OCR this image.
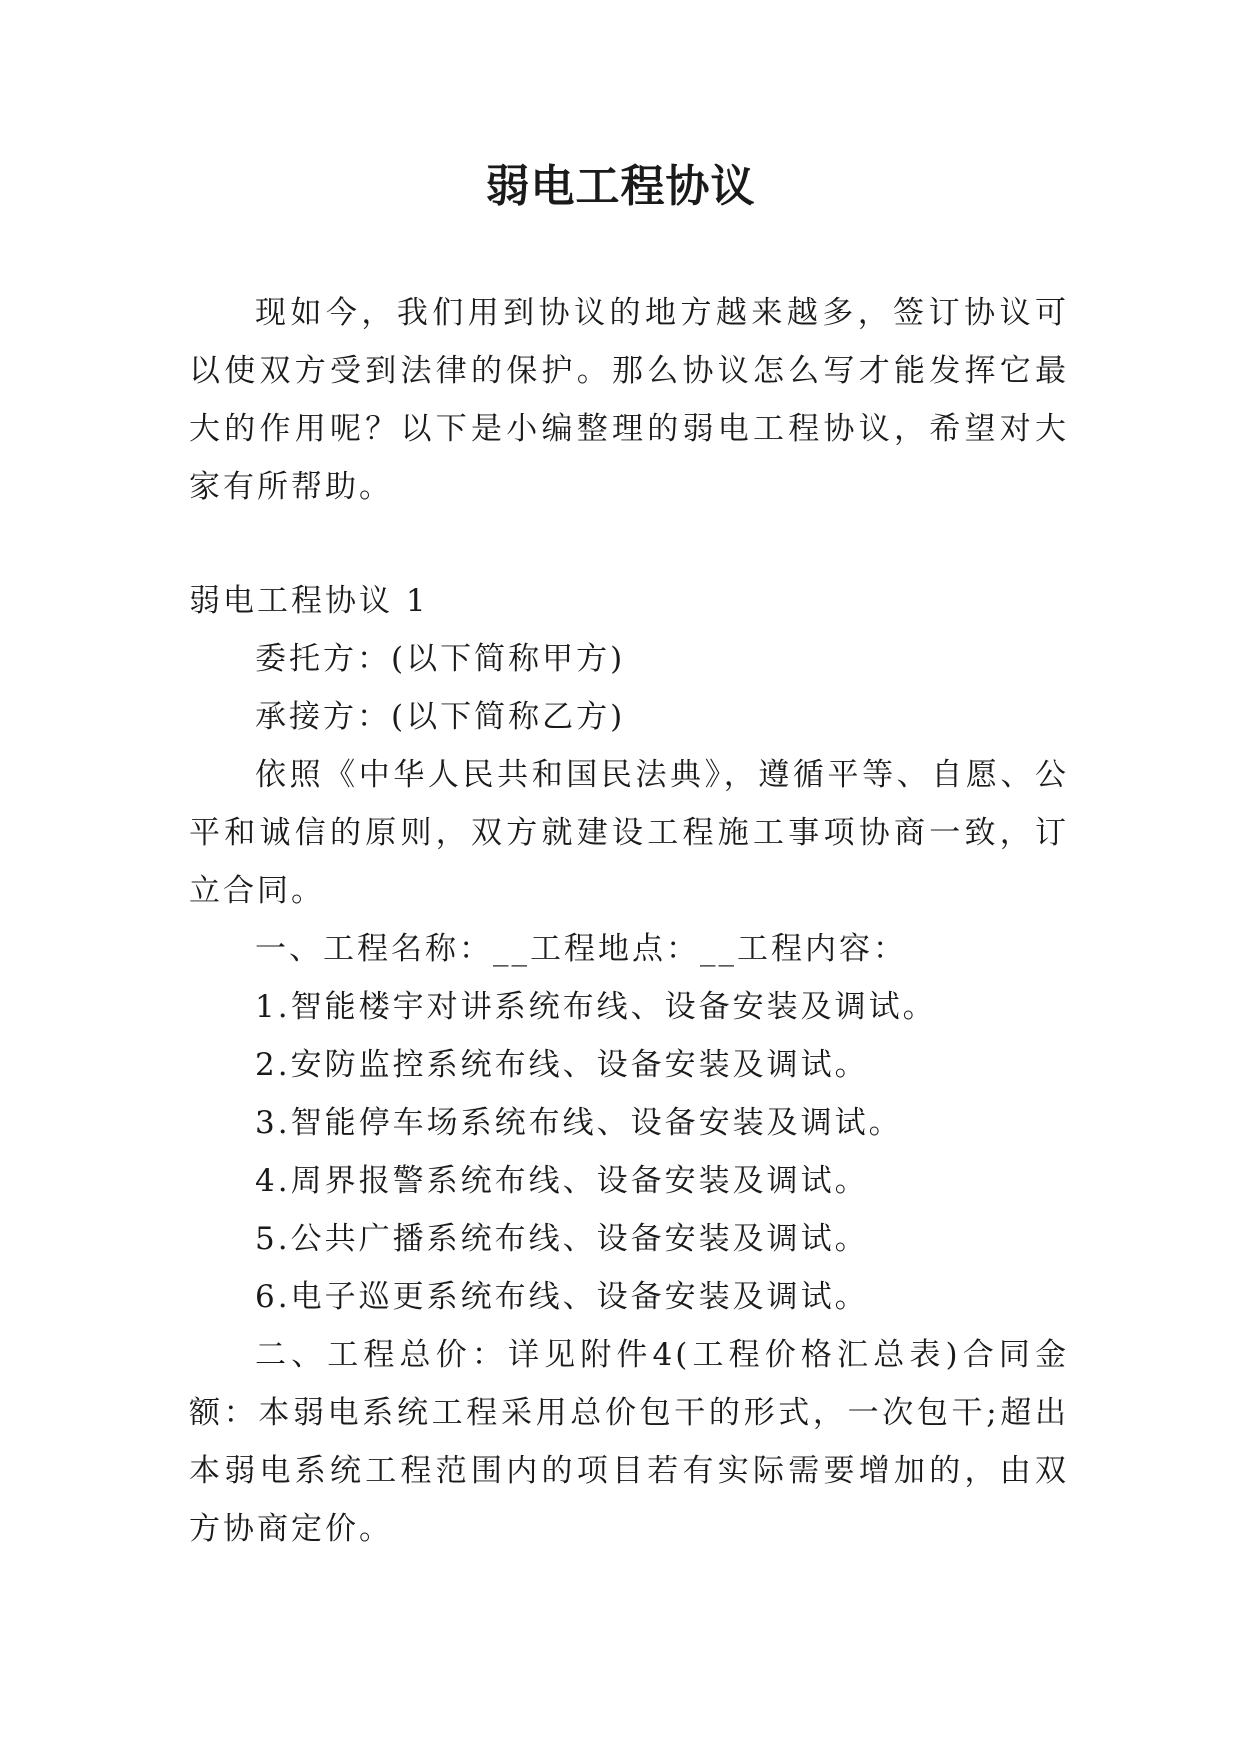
弱电工程协议

现如今，我们用到协议的地方越来越多，签订协议可以使双方受到法律的保护。那么协议怎么写才能发挥它最大的作用呢？以下是小编整理的弱电工程协议，希望对大家有所帮助。

弱电工程协议 1

委托方：(以下简称甲方)

承接方：(以下简称乙方)

依照《中华人民共和国民法典》，遵循平等、自愿、公平和诚信的原则，双方就建设工程施工事项协商一致，订立合同。

一、工程名称：__工程地点：__工程内容：

1.智能楼宇对讲系统布线、设备安装及调试。

2.安防监控系统布线、设备安装及调试。

3.智能停车场系统布线、设备安装及调试。

4.周界报警系统布线、设备安装及调试。

5.公共广播系统布线、设备安装及调试。

6.电子巡更系统布线、设备安装及调试。

二、工程总价：详见附件4(工程价格汇总表)合同金额：本弱电系统工程采用总价包干的形式，一次包干;超出本弱电系统工程范围内的项目若有实际需要增加的，由双方协商定价。
